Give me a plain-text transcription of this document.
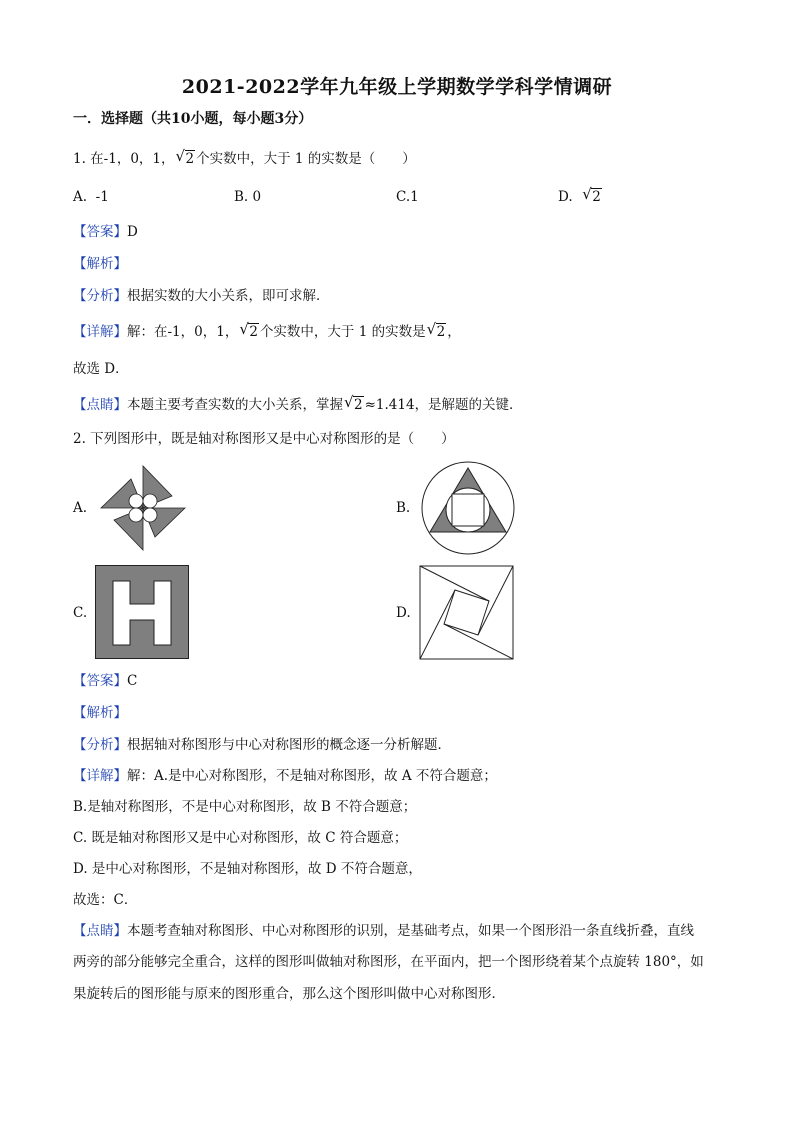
2021-2022学年九年级上学期数学学科学情调研
一．选择题（共10小题，每小题3分）
1. 在-1，0，1， √ 2 个实数中，大于 1 的实数是（　　）
A. -1	B. 0	C.1	D. √ 2
【答案】D
【解析】
【分析】根据实数的大小关系，即可求解．
【详解】解：在-1，0，1， √ 2 个实数中，大于 1 的实数是 √ 2 ，
故选 D．
【点睛】本题主要考查实数的大小关系，掌握 √ 2 ≈1.414，是解题的关键．
2. 下列图形中，既是轴对称图形又是中心对称图形的是（　　）
A.	B.
C.	D.
【答案】C
【解析】
【分析】根据轴对称图形与中心对称图形的概念逐一分析解题．
【详解】解：A.是中心对称图形，不是轴对称图形，故 A 不符合题意；
B.是轴对称图形，不是中心对称图形，故 B 不符合题意；
C. 既是轴对称图形又是中心对称图形，故 C 符合题意；
D. 是中心对称图形，不是轴对称图形，故 D 不符合题意，
故选：C．
【点睛】本题考查轴对称图形、中心对称图形的识别，是基础考点，如果一个图形沿一条直线折叠，直线
两旁的部分能够完全重合，这样的图形叫做轴对称图形，在平面内，把一个图形绕着某个点旋转 180°，如
果旋转后的图形能与原来的图形重合，那么这个图形叫做中心对称图形．
